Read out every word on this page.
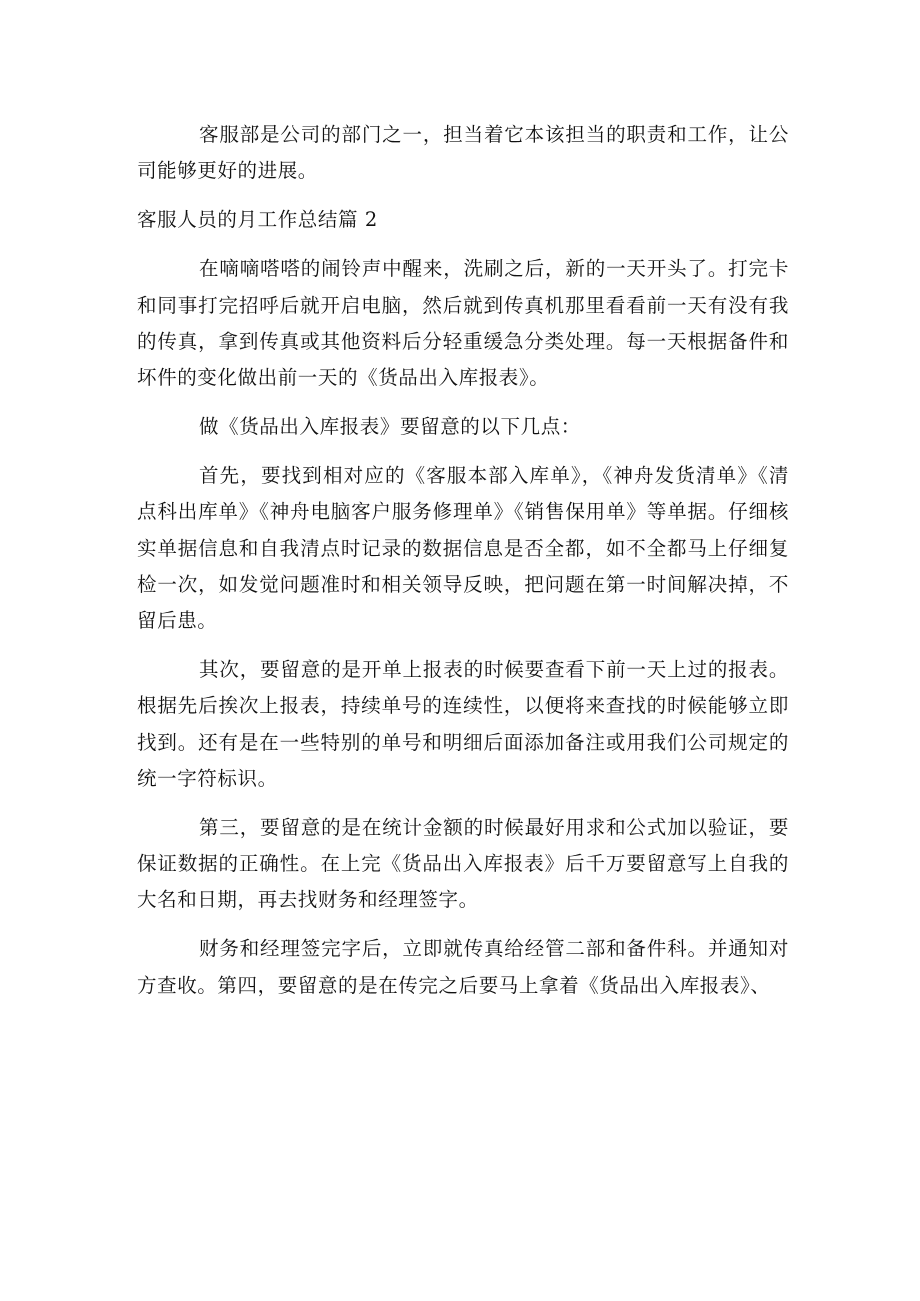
客服部是公司的部门之一，担当着它本该担当的职责和工作，让公司能够更好的进展。

客服人员的月工作总结篇 2

在嘀嘀嗒嗒的闹铃声中醒来，洗刷之后，新的一天开头了。打完卡和同事打完招呼后就开启电脑，然后就到传真机那里看看前一天有没有我的传真，拿到传真或其他资料后分轻重缓急分类处理。每一天根据备件和坏件的变化做出前一天的《货品出入库报表》。

做《货品出入库报表》要留意的以下几点：

首先，要找到相对应的《客服本部入库单》，《神舟发货清单》《清点科出库单》《神舟电脑客户服务修理单》《销售保用单》等单据。仔细核实单据信息和自我清点时记录的数据信息是否全都，如不全都马上仔细复检一次，如发觉问题准时和相关领导反映，把问题在第一时间解决掉，不留后患。

其次，要留意的是开单上报表的时候要查看下前一天上过的报表。根据先后挨次上报表，持续单号的连续性，以便将来查找的时候能够立即找到。还有是在一些特别的单号和明细后面添加备注或用我们公司规定的统一字符标识。

第三，要留意的是在统计金额的时候最好用求和公式加以验证，要保证数据的正确性。在上完《货品出入库报表》后千万要留意写上自我的大名和日期，再去找财务和经理签字。

财务和经理签完字后，立即就传真给经管二部和备件科。并通知对方查收。第四，要留意的是在传完之后要马上拿着《货品出入库报表》、
